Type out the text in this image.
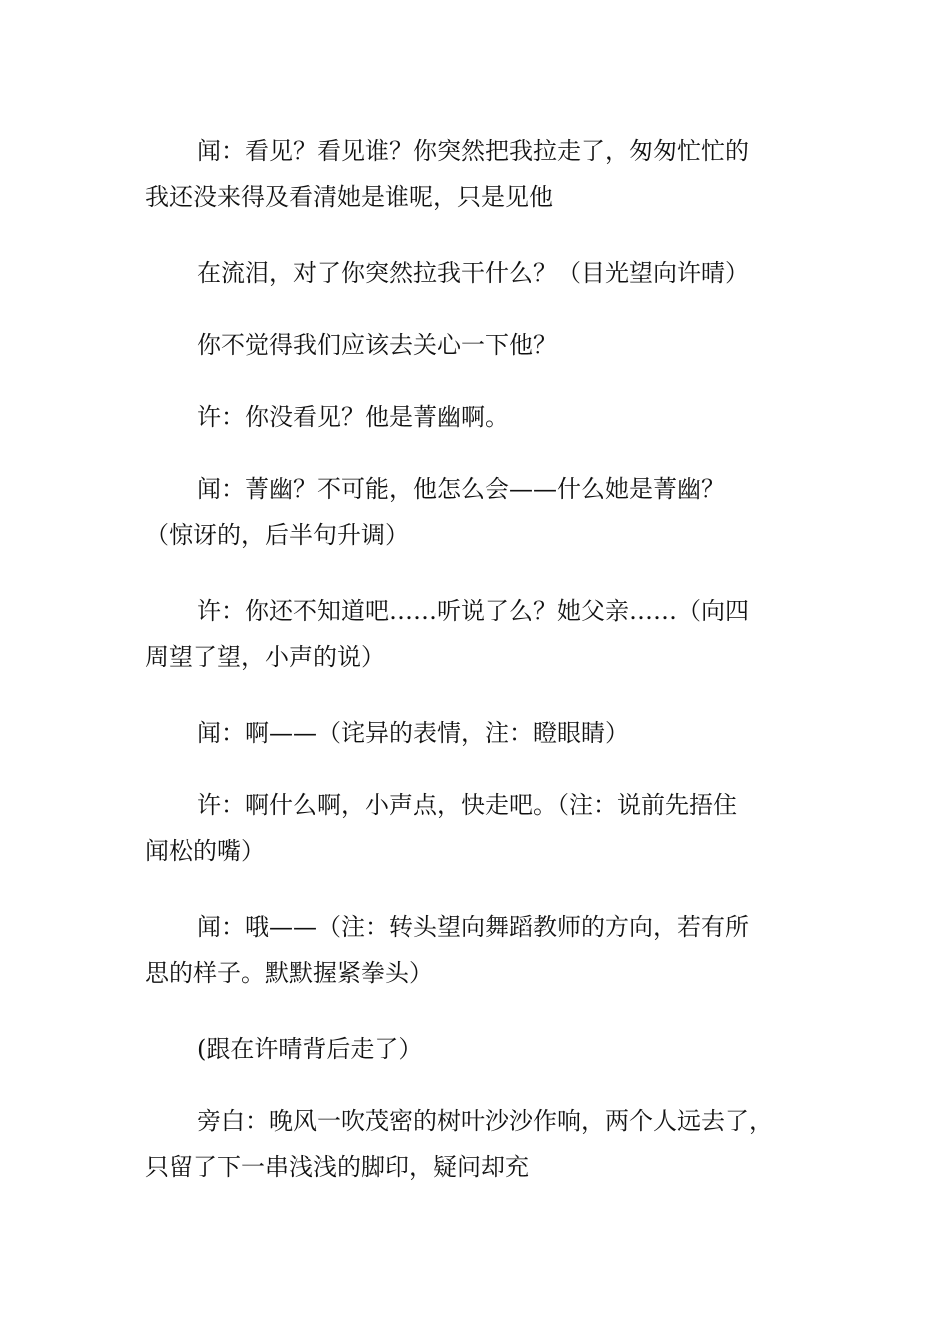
闻：看见？看见谁？你突然把我拉走了，匆匆忙忙的
我还没来得及看清她是谁呢，只是见他
在流泪，对了你突然拉我干什么？（目光望向许晴）
你不觉得我们应该去关心一下他？
许：你没看见？他是菁幽啊。
闻：菁幽？不可能，他怎么会——什么她是菁幽？
（惊讶的，后半句升调）
许：你还不知道吧……听说了么？她父亲……（向四
周望了望，小声的说）
闻：啊——（诧异的表情，注：瞪眼睛）
许：啊什么啊，小声点，快走吧。（注：说前先捂住
闻松的嘴）
闻：哦——（注：转头望向舞蹈教师的方向，若有所
思的样子。默默握紧拳头）
(跟在许晴背后走了）
旁白：晚风一吹茂密的树叶沙沙作响，两个人远去了，
只留了下一串浅浅的脚印，疑问却充
